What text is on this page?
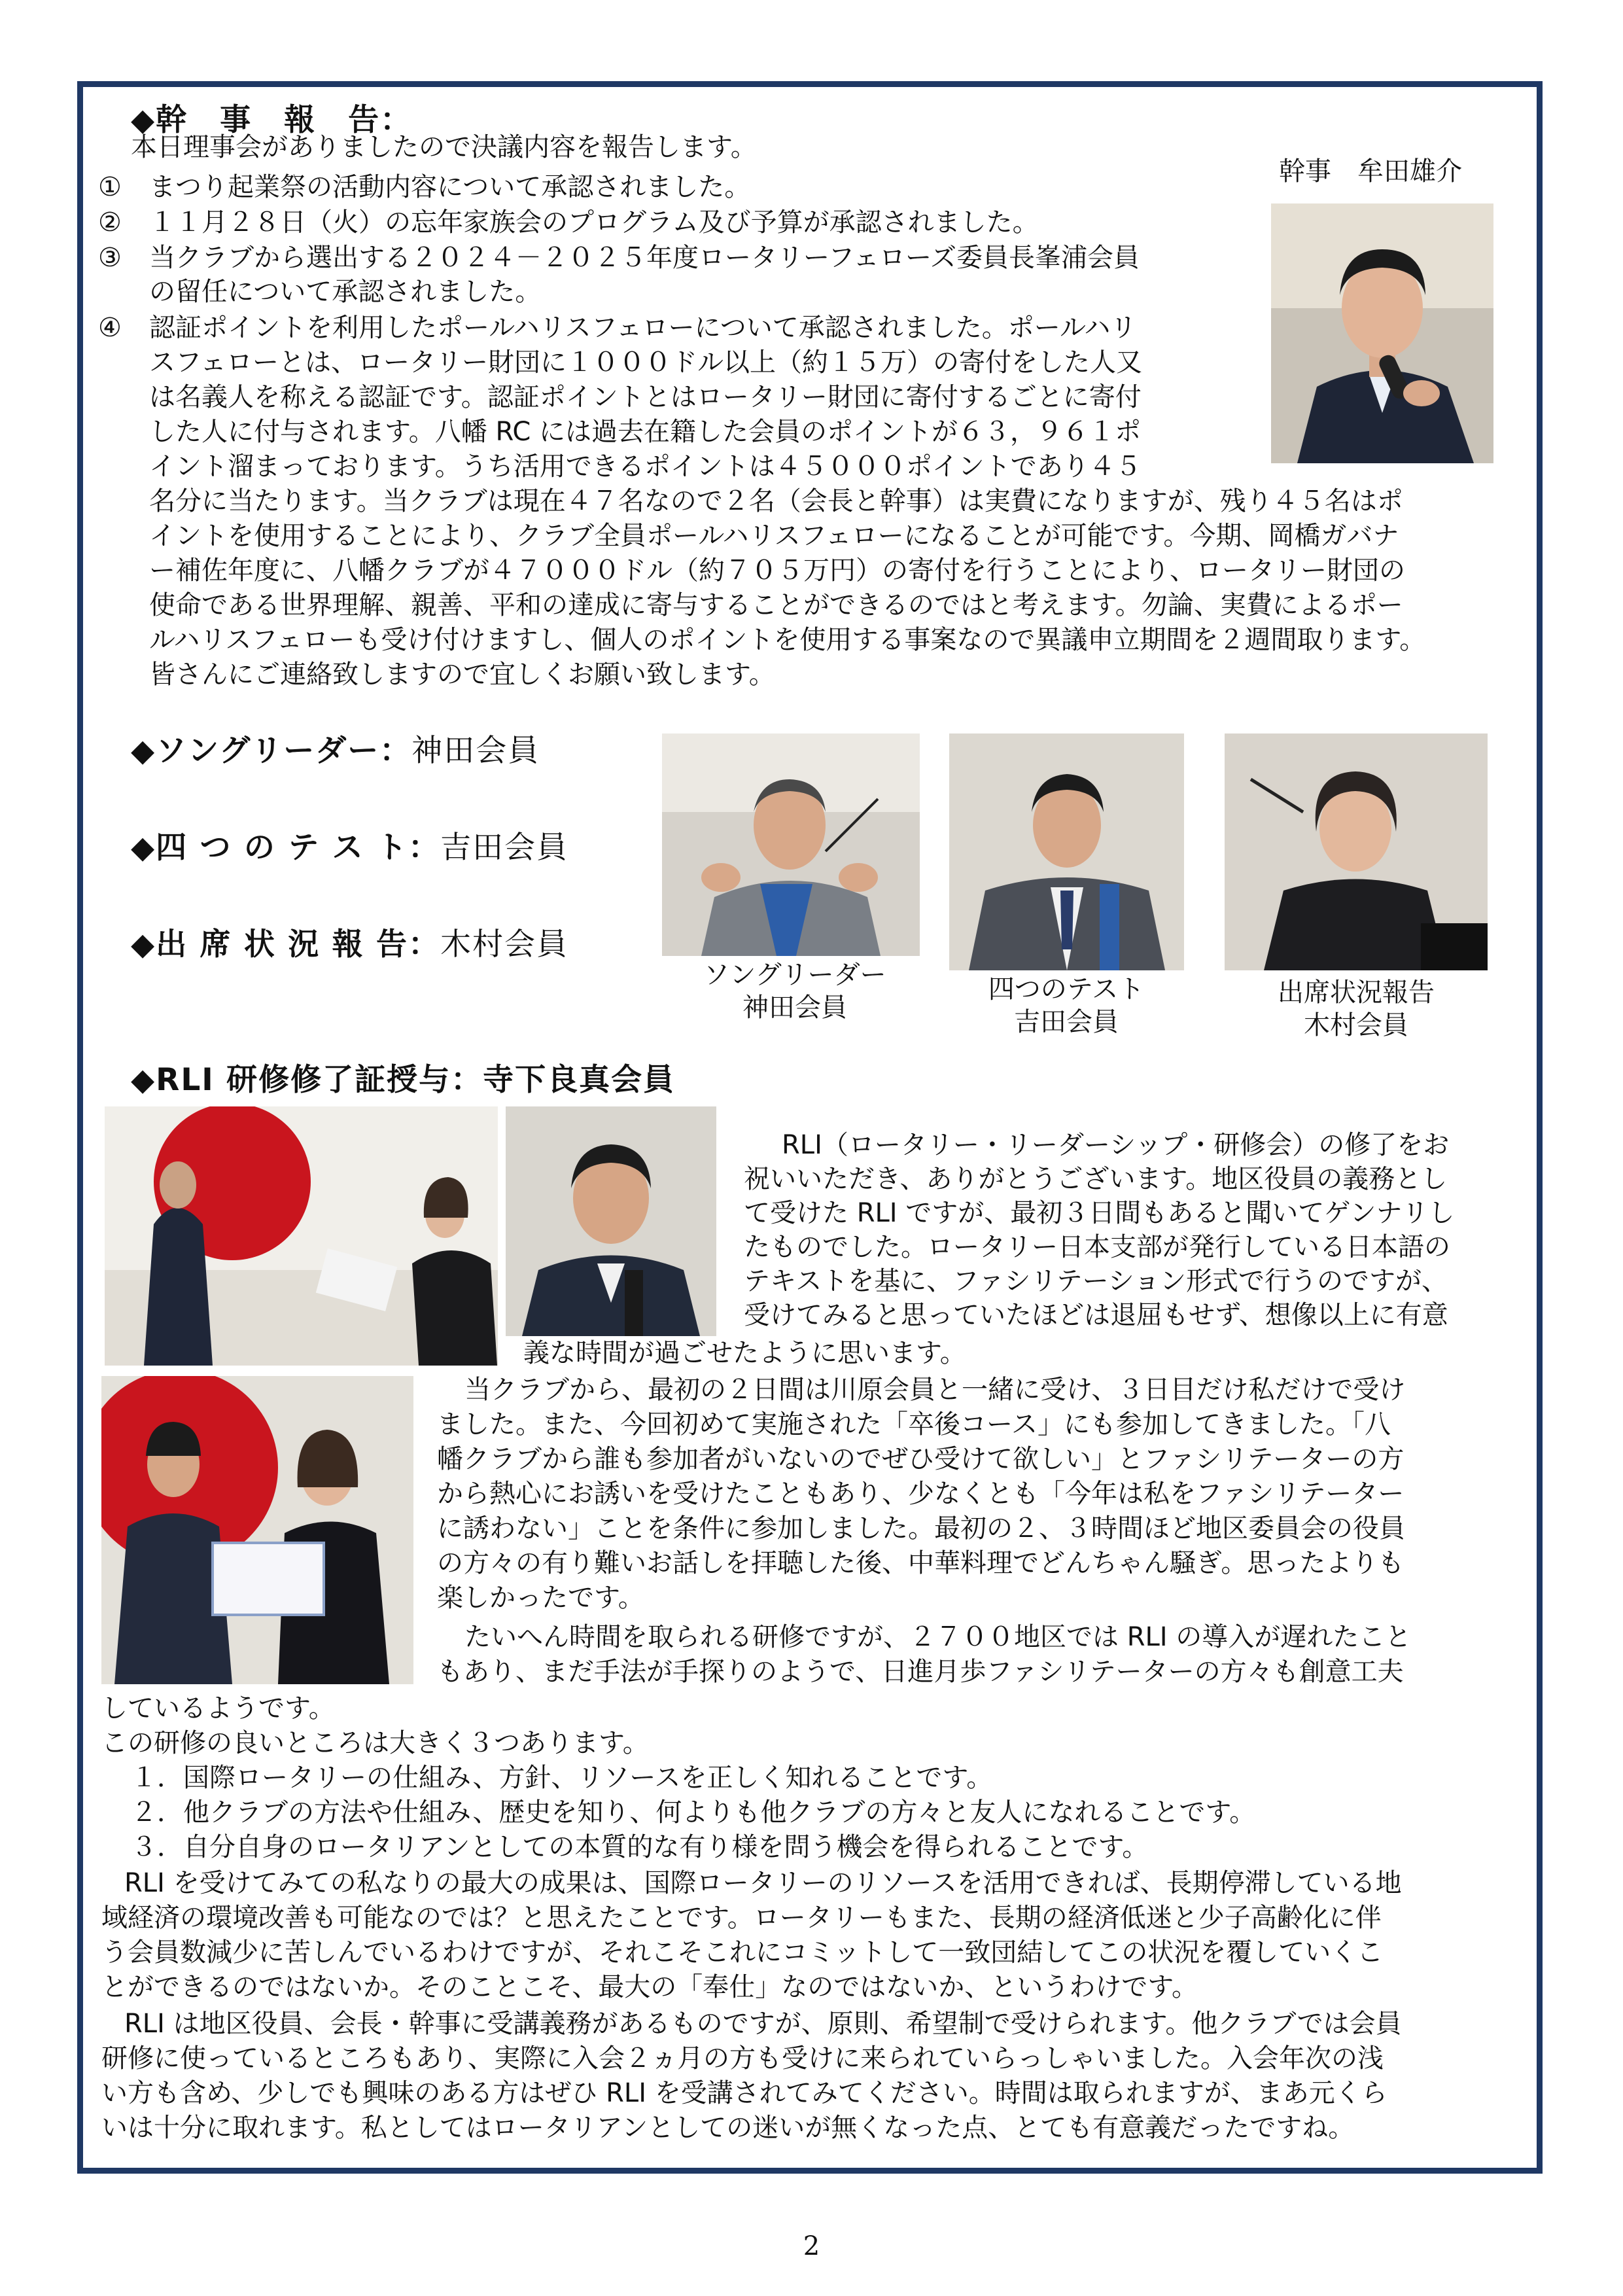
◆幹　事　報　告：
本日理事会がありましたので決議内容を報告します。
① まつり起業祭の活動内容について承認されました。
② １１月２８日（火）の忘年家族会のプログラム及び予算が承認されました。
③ 当クラブから選出する２０２４－２０２５年度ロータリーフェローズ委員長峯浦会員
の留任について承認されました。
④ 認証ポイントを利用したポールハリスフェローについて承認されました。ポールハリ
スフェローとは、ロータリー財団に１０００ドル以上（約１５万）の寄付をした人又
は名義人を称える認証です。認証ポイントとはロータリー財団に寄付するごとに寄付
した人に付与されます。八幡 RC には過去在籍した会員のポイントが６３，９６１ポ
イント溜まっております。うち活用できるポイントは４５０００ポイントであり４５
名分に当たります。当クラブは現在４７名なので２名（会長と幹事）は実費になりますが、残り４５名はポ
イントを使用することにより、クラブ全員ポールハリスフェローになることが可能です。今期、岡橋ガバナ
ー補佐年度に、八幡クラブが４７０００ドル（約７０５万円）の寄付を行うことにより、ロータリー財団の
使命である世界理解、親善、平和の達成に寄与することができるのではと考えます。勿論、実費によるポー
ルハリスフェローも受け付けますし、個人のポイントを使用する事案なので異議申立期間を２週間取ります。
皆さんにご連絡致しますので宜しくお願い致します。
幹事　牟田雄介
◆ソングリーダー：神田会員
◆四 つ の テ ス ト：吉田会員
◆出 席 状 況 報 告：木村会員
ソングリーダー
神田会員
四つのテスト
吉田会員
出席状況報告
木村会員
◆RLI 研修修了証授与：寺下良真会員
RLI（ロータリー・リーダーシップ・研修会）の修了をお
祝いいただき、ありがとうございます。地区役員の義務とし
て受けた RLI ですが、最初３日間もあると聞いてゲンナリし
たものでした。ロータリー日本支部が発行している日本語の
テキストを基に、ファシリテーション形式で行うのですが、
受けてみると思っていたほどは退屈もせず、想像以上に有意
義な時間が過ごせたように思います。
当クラブから、最初の２日間は川原会員と一緒に受け、３日目だけ私だけで受け
ました。また、今回初めて実施された「卒後コース」にも参加してきました。「八
幡クラブから誰も参加者がいないのでぜひ受けて欲しい」とファシリテーターの方
から熱心にお誘いを受けたこともあり、少なくとも「今年は私をファシリテーター
に誘わない」ことを条件に参加しました。最初の２、３時間ほど地区委員会の役員
の方々の有り難いお話しを拝聴した後、中華料理でどんちゃん騒ぎ。思ったよりも
楽しかったです。
たいへん時間を取られる研修ですが、２７００地区では RLI の導入が遅れたこと
もあり、まだ手法が手探りのようで、日進月歩ファシリテーターの方々も創意工夫
しているようです。
この研修の良いところは大きく３つあります。
１．国際ロータリーの仕組み、方針、リソースを正しく知れることです。
２．他クラブの方法や仕組み、歴史を知り、何よりも他クラブの方々と友人になれることです。
３．自分自身のロータリアンとしての本質的な有り様を問う機会を得られることです。
RLI を受けてみての私なりの最大の成果は、国際ロータリーのリソースを活用できれば、長期停滞している地
域経済の環境改善も可能なのでは？と思えたことです。ロータリーもまた、長期の経済低迷と少子高齢化に伴
う会員数減少に苦しんでいるわけですが、それこそこれにコミットして一致団結してこの状況を覆していくこ
とができるのではないか。そのことこそ、最大の「奉仕」なのではないか、というわけです。
RLI は地区役員、会長・幹事に受講義務があるものですが、原則、希望制で受けられます。他クラブでは会員
研修に使っているところもあり、実際に入会２ヵ月の方も受けに来られていらっしゃいました。入会年次の浅
い方も含め、少しでも興味のある方はぜひ RLI を受講されてみてください。時間は取られますが、まあ元くら
いは十分に取れます。私としてはロータリアンとしての迷いが無くなった点、とても有意義だったですね。
2
